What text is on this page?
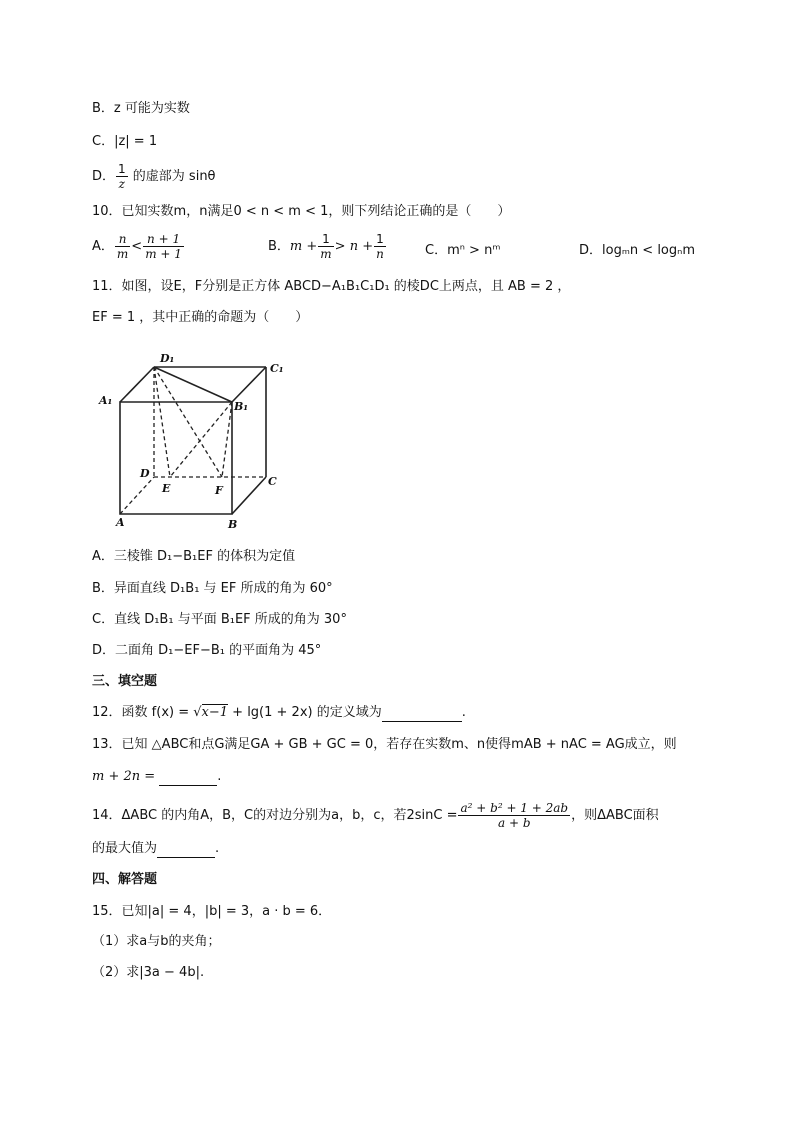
B．z 可能为实数
C．|z| = 1
D． $\frac{1}{z}$ 的虚部为 sinθ
10．已知实数m，n满足0 < n < m < 1，则下列结论正确的是（　　）
A． $\frac{n}{m} < \frac{n + 1}{m + 1}$	B．$m + \frac{1}{m} > n + \frac{1}{n}$	C．mⁿ > nᵐ	D．logₘn < logₙm
11．如图，设E，F分别是正方体 ABCD−A₁B₁C₁D₁ 的棱DC上两点，且 AB = 2 ，
EF = 1 ，其中正确的命题为（　　）
D₁
C₁
A₁	B₁
D
E	F
C
A	B
A．三棱锥 D₁−B₁EF 的体积为定值
B．异面直线 D₁B₁ 与 EF 所成的角为 60°
C．直线 D₁B₁ 与平面 B₁EF 所成的角为 30°
D．二面角 D₁−EF−B₁ 的平面角为 45°
三、填空题
12．函数 f(x) = √x−1 + lg(1 + 2x) 的定义域为	.
13．已知 △ABC和点G满足GA + GB + GC = 0，若存在实数m、n使得mAB + nAC = AG成立，则
m + 2n =	.
14．ΔABC 的内角A，B，C的对边分别为a，b，c，若$2\sin C = \frac{\text{a² + b² + 1 + 2ab}}{a + b}$ ，则ΔABC面积
的最大值为	.
四、解答题
15．已知|a| = 4，|b| = 3，a · b = 6．
（1）求a与b的夹角；
（2）求|3a − 4b|.
